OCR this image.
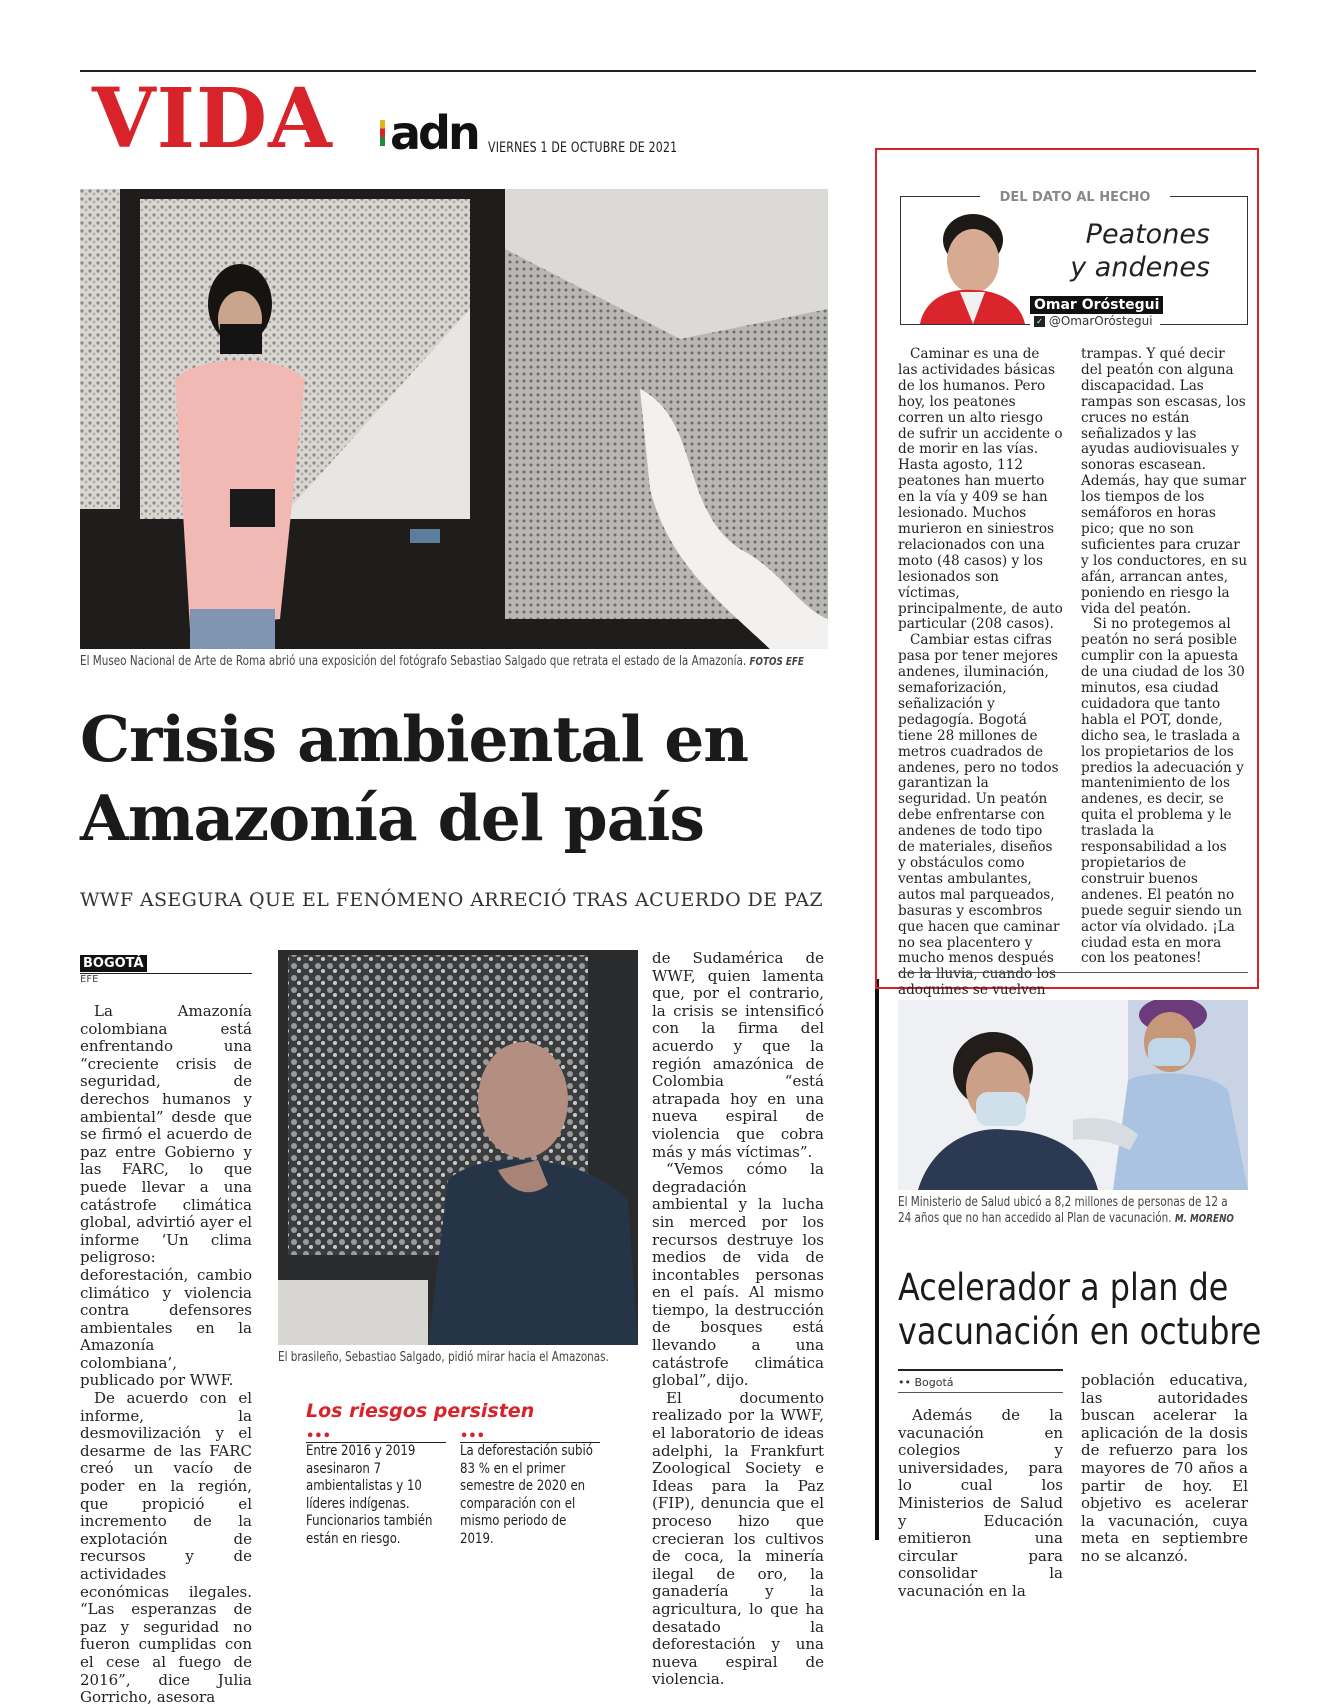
VIDA adn VIERNES 1 DE OCTUBRE DE 2021
El Museo Nacional de Arte de Roma abrió una exposición del fotógrafo Sebastiao Salgado que retrata el estado de la Amazonía. FOTOS EFE
Crisis ambiental en
Amazonía del país
WWF ASEGURA QUE EL FENÓMENO ARRECIÓ TRAS ACUERDO DE PAZ
BOGOTÁ
EFE

La Amazonía colombiana está enfrentando una “creciente crisis de seguridad, de derechos humanos y ambiental” desde que se firmó el acuerdo de paz entre Gobierno y las FARC, lo que puede llevar a una catástrofe climática global, advirtió ayer el informe ‘Un clima peligroso: deforestación, cambio climático y violencia contra defensores ambientales en la Amazonía colombiana’, publicado por WWF.

De acuerdo con el informe, la desmovilización y el desarme de las FARC creó un vacío de poder en la región, que propició el incremento de la explotación de recursos y de actividades económicas ilegales. “Las esperanzas de paz y seguridad no fueron cumplidas con el cese al fuego de 2016”, dice Julia Gorricho, asesora

El brasileño, Sebastiao Salgado, pidió mirar hacia el Amazonas.
Los riesgos persisten
•••
Entre 2016 y 2019 asesinaron 7 ambientalistas y 10 líderes indígenas. Funcionarios también están en riesgo.
•••
La deforestación subió 83 % en el primer semestre de 2020 en comparación con el mismo periodo de 2019.

de Sudamérica de WWF, quien lamenta que, por el contrario, la crisis se intensificó con la firma del acuerdo y que la región amazónica de Colombia “está atrapada hoy en una nueva espiral de violencia que cobra más y más víctimas”.

“Vemos cómo la degradación ambiental y la lucha sin merced por los recursos destruye los medios de vida de incontables personas en el país. Al mismo tiempo, la destrucción de bosques está llevando a una catástrofe climática global”, dijo.

El documento realizado por la WWF, el laboratorio de ideas adelphi, la Frankfurt Zoological Society e Ideas para la Paz (FIP), denuncia que el proceso hizo que crecieran los cultivos de coca, la minería ilegal de oro, la ganadería y la agricultura, lo que ha desatado la deforestación y una nueva espiral de violencia.

DEL DATO AL HECHO
Peatones
y andenes
Omar Oróstegui
✓ @OmarOróstegui

Caminar es una de las actividades básicas de los humanos. Pero hoy, los peatones corren un alto riesgo de sufrir un accidente o de morir en las vías. Hasta agosto, 112 peatones han muerto en la vía y 409 se han lesionado. Muchos murieron en siniestros relacionados con una moto (48 casos) y los lesionados son víctimas, principalmente, de auto particular (208 casos).

Cambiar estas cifras pasa por tener mejores andenes, iluminación, semaforización, señalización y pedagogía. Bogotá tiene 28 millones de metros cuadrados de andenes, pero no todos garantizan la seguridad. Un peatón debe enfrentarse con andenes de todo tipo de materiales, diseños y obstáculos como ventas ambulantes, autos mal parqueados, basuras y escombros que hacen que caminar no sea placentero y mucho menos después de la lluvia, cuando los adoquines se vuelven

trampas. Y qué decir del peatón con alguna discapacidad. Las rampas son escasas, los cruces no están señalizados y las ayudas audiovisuales y sonoras escasean. Además, hay que sumar los tiempos de los semáforos en horas pico; que no son suficientes para cruzar y los conductores, en su afán, arrancan antes, poniendo en riesgo la vida del peatón.

Si no protegemos al peatón no será posible cumplir con la apuesta de una ciudad de los 30 minutos, esa ciudad cuidadora que tanto habla el POT, donde, dicho sea, le traslada a los propietarios de los predios la adecuación y mantenimiento de los andenes, es decir, se quita el problema y le traslada la responsabilidad a los propietarios de construir buenos andenes. El peatón no puede seguir siendo un actor vía olvidado. ¡La ciudad esta en mora con los peatones!

El Ministerio de Salud ubicó a 8,2 millones de personas de 12 a 24 años que no han accedido al Plan de vacunación. M. MORENO
Acelerador a plan de
vacunación en octubre
•• Bogotá

Además de la vacunación en colegios y universidades, para lo cual los Ministerios de Salud y Educación emitieron una circular para consolidar la vacunación en la

población educativa, las autoridades buscan acelerar la aplicación de la dosis de refuerzo para los mayores de 70 años a partir de hoy. El objetivo es acelerar la vacunación, cuya meta en septiembre no se alcanzó.
